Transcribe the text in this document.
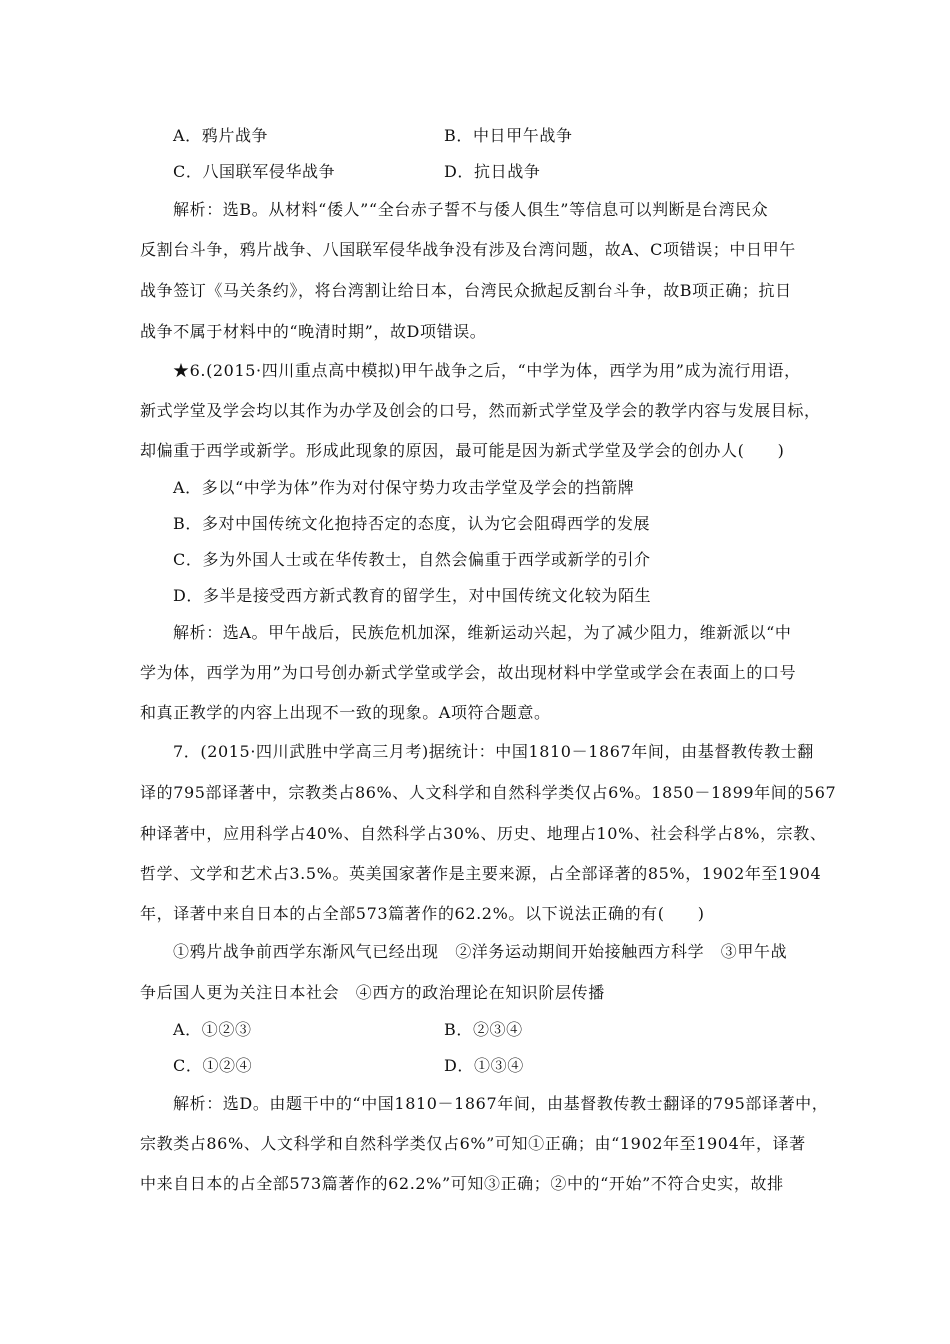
A．鸦片战争	B．中日甲午战争
C．八国联军侵华战争	D．抗日战争
解析：选B。从材料“倭人”“全台赤子誓不与倭人俱生”等信息可以判断是台湾民众
反割台斗争，鸦片战争、八国联军侵华战争没有涉及台湾问题，故A、C项错误；中日甲午
战争签订《马关条约》，将台湾割让给日本，台湾民众掀起反割台斗争，故B项正确；抗日
战争不属于材料中的“晚清时期”，故D项错误。
★6.(2015·四川重点高中模拟)甲午战争之后，“中学为体，西学为用”成为流行用语，
新式学堂及学会均以其作为办学及创会的口号，然而新式学堂及学会的教学内容与发展目标，
却偏重于西学或新学。形成此现象的原因，最可能是因为新式学堂及学会的创办人(　　)
A．多以“中学为体”作为对付保守势力攻击学堂及学会的挡箭牌
B．多对中国传统文化抱持否定的态度，认为它会阻碍西学的发展
C．多为外国人士或在华传教士，自然会偏重于西学或新学的引介
D．多半是接受西方新式教育的留学生，对中国传统文化较为陌生
解析：选A。甲午战后，民族危机加深，维新运动兴起，为了减少阻力，维新派以“中
学为体，西学为用”为口号创办新式学堂或学会，故出现材料中学堂或学会在表面上的口号
和真正教学的内容上出现不一致的现象。A项符合题意。
7．(2015·四川武胜中学高三月考)据统计：中国1810－1867年间，由基督教传教士翻
译的795部译著中，宗教类占86%、人文科学和自然科学类仅占6%。1850－1899年间的567
种译著中，应用科学占40%、自然科学占30%、历史、地理占10%、社会科学占8%，宗教、
哲学、文学和艺术占3.5%。英美国家著作是主要来源，占全部译著的85%，1902年至1904
年，译著中来自日本的占全部573篇著作的62.2%。以下说法正确的有(　　)
①鸦片战争前西学东渐风气已经出现　②洋务运动期间开始接触西方科学　③甲午战
争后国人更为关注日本社会　④西方的政治理论在知识阶层传播
A．①②③	B．②③④
C．①②④	D．①③④
解析：选D。由题干中的“中国1810－1867年间，由基督教传教士翻译的795部译著中，
宗教类占86%、人文科学和自然科学类仅占6%”可知①正确；由“1902年至1904年，译著
中来自日本的占全部573篇著作的62.2%”可知③正确；②中的“开始”不符合史实，故排
